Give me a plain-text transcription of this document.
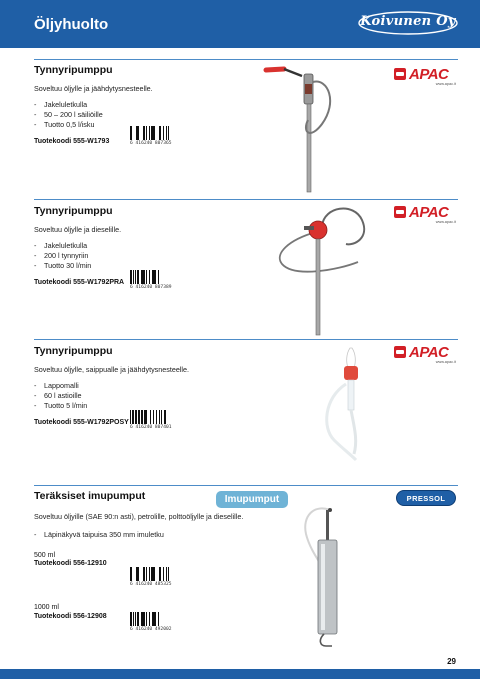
Öljyhuolto	Koivunen Oy
Tynnyripumppu
Soveltuu öljylle ja jäähdytysnesteelle.
- Jakeluletkulla
- 50 – 200 l säiliöille
- Tuotto 0,5 l/isku
Tuotekoodi 555-W1793	6 416240 807365
APAC
www.apac.it
Tynnyripumppu
Soveltuu öljylle ja dieselille.
- Jakeluletkulla
- 200 l tynnyriin
- Tuotto 30 l/min
Tuotekoodi 555-W1792PRA
6 416240 807389
APAC
www.apac.it
Tynnyripumppu
Soveltuu öljylle, saippualle ja jäähdytysnesteelle.
- Lappomalli
- 60 l astioille
- Tuotto 5 l/min
Tuotekoodi 555-W1792POSY
6 416240 807401
APAC
www.apac.it
Imupumput
Teräksiset imupumput
Soveltuu öljyille (SAE 90:n asti), petrolille, polttoöljylle ja dieselille.
- Läpinäkyvä taipuisa 350 mm imuletku
500 ml
Tuotekoodi 556-12910
1000 ml
Tuotekoodi 556-12908
6 416240 485325
6 416240 492002
PRESSOL
29
